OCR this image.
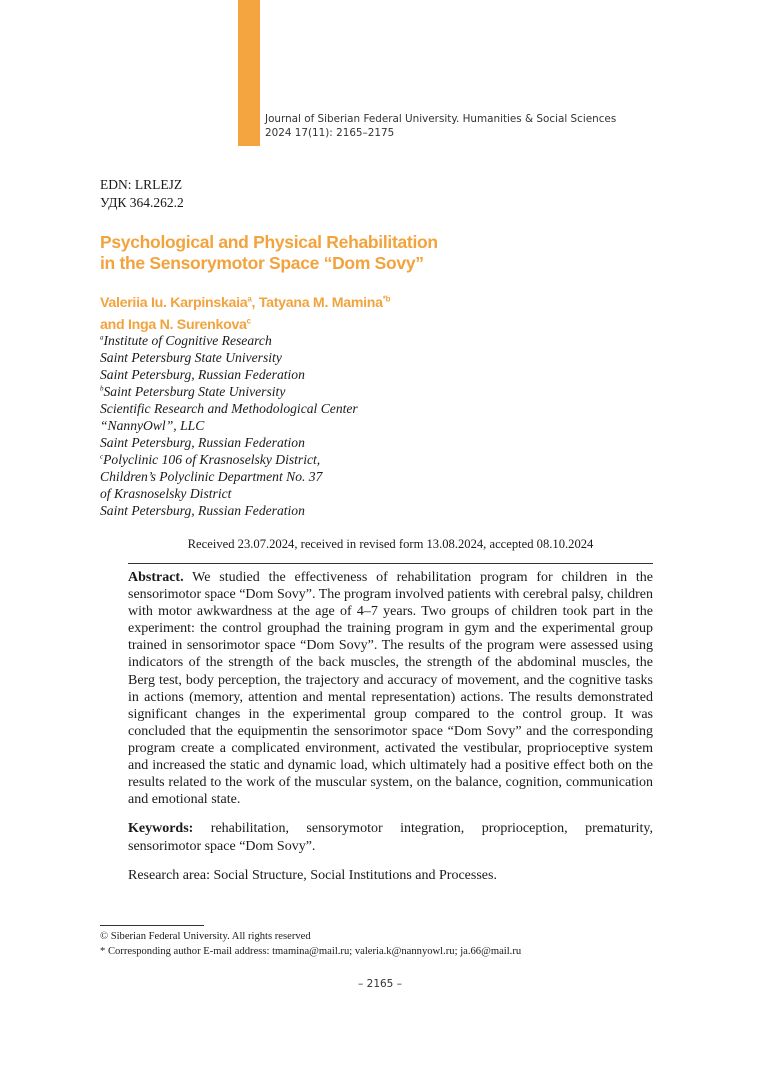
Journal of Siberian Federal University. Humanities & Social Sciences
2024 17(11): 2165–2175
EDN: LRLEJZ
УДК 364.262.2
Psychological and Physical Rehabilitation
in the Sensorymotor Space “Dom Sovy”
Valeriia Iu. Karpinskaia$^a$, Tatyana M. Mamina$^{*b}$
and Inga N. Surenkova$^c$
$^a$Institute of Cognitive Research
Saint Petersburg State University
Saint Petersburg, Russian Federation
$^b$Saint Petersburg State University
Scientific Research and Methodological Center
“NannyOwl”, LLC
Saint Petersburg, Russian Federation
$^c$Polyclinic 106 of Krasnoselsky District,
Children’s Polyclinic Department No. 37
of Krasnoselsky District
Saint Petersburg, Russian Federation
Received 23.07.2024, received in revised form 13.08.2024, accepted 08.10.2024

Abstract. We studied the effectiveness of rehabilitation program for children in the sensorimotor space “Dom Sovy”. The program involved patients with cerebral palsy, children with motor awkwardness at the age of 4–7 years. Two groups of children took part in the experiment: the control grouphad the training program in gym and the experimental group trained in sensorimotor space “Dom Sovy”. The results of the program were assessed using indicators of the strength of the back muscles, the strength of the abdominal muscles, the Berg test, body perception, the trajectory and accuracy of movement, and the cognitive tasks in actions (memory, attention and mental representation) actions. The results demonstrated significant changes in the experimental group compared to the control group. It was concluded that the equipmentin the sensorimotor space “Dom Sovy” and the corresponding program create a complicated environment, activated the vestibular, proprioceptive system and increased the static and dynamic load, which ultimately had a positive effect both on the results related to the work of the muscular system, on the balance, cognition, communication and emotional state.

Keywords: rehabilitation, sensorymotor integration, proprioception, prematurity, sensorimotor space “Dom Sovy”.

Research area: Social Structure, Social Institutions and Processes.

© Siberian Federal University. All rights reserved
* Corresponding author E-mail address: tmamina@mail.ru; valeria.k@nannyowl.ru; ja.66@mail.ru
– 2165 –
